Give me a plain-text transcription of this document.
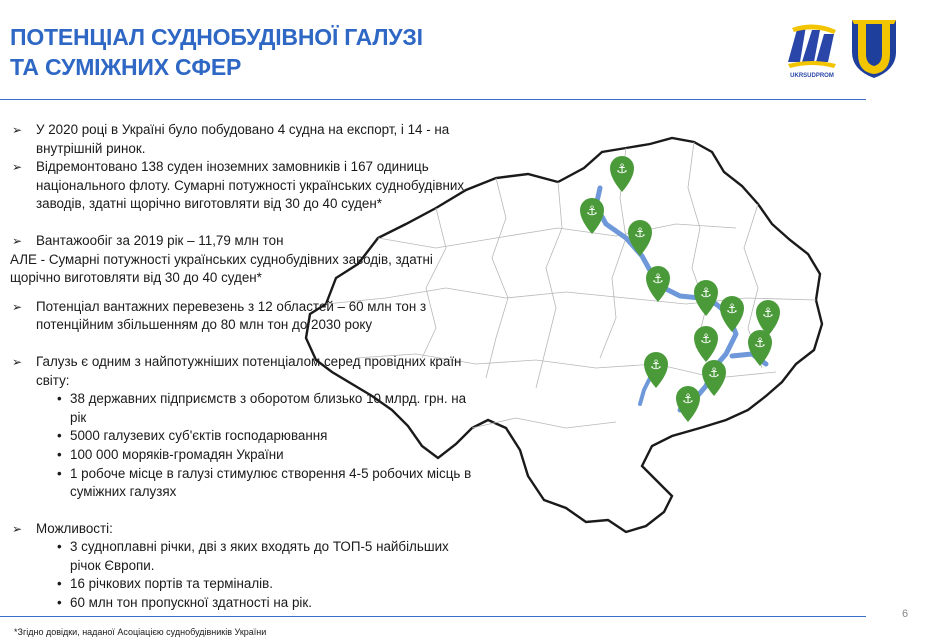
ПОТЕНЦІАЛ СУДНОБУДІВНОЇ ГАЛУЗІ
ТА СУМІЖНИХ СФЕР	UKRSUDPROM
⚓
⚓
⚓
⚓
⚓
⚓ ⚓
⚓	⚓
⚓
⚓
⚓
➢ У 2020 році в Україні було побудовано 4 судна на експорт, і 14 - на внутрішній ринок.
➢ Відремонтовано 138 суден іноземних замовників і 167 одиниць національного флоту. Сумарні потужності українських суднобудівних заводів, здатні щорічно виготовляти від 30 до 40 суден*
➢ Вантажообіг за 2019 рік – 11,79 млн тон
АЛЕ - Сумарні потужності українських суднобудівних заводів, здатні щорічно виготовляти від 30 до 40 суден*
➢ Потенціал вантажних перевезень з 12 областей – 60 млн тон з потенційним збільшенням до 80 млн тон до 2030 року
➢ Галузь є одним з найпотужніших потенціалом серед провідних країн світу:
• 38 державних підприємств з оборотом близько 10 млрд. грн. на рік
• 5000 галузевих суб'єктів господарювання
• 100 000 моряків-громадян України
• 1 робоче місце в галузі стимулює створення 4-5 робочих місць в суміжних галузях
➢ Можливості:
• 3 судноплавні річки, дві з яких входять до ТОП-5 найбільших річок Європи.
• 16 річкових портів та терміналів.
• 60 млн тон пропускної здатності на рік.
6
*Згідно довідки, наданої Асоціацією суднобудівників України
